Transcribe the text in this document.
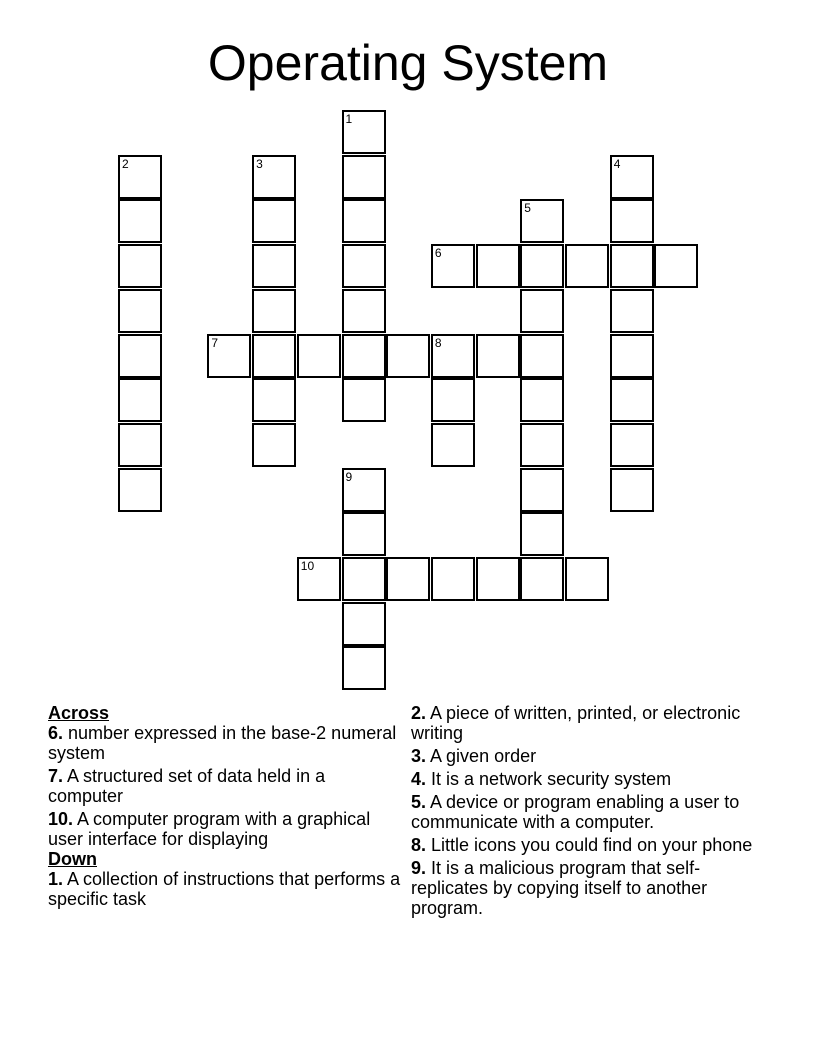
Operating System
1
2	3	4
5
6
7	8
9
10
Across
6. number expressed in the base-2 numeral system
7. A structured set of data held in a computer
10. A computer program with a graphical user interface for displaying
Down
1. A collection of instructions that performs a specific task
2. A piece of written, printed, or electronic writing
3. A given order
4. It is a network security system
5. A device or program enabling a user to communicate with a computer.
8. Little icons you could find on your phone
9. It is a malicious program that self-replicates by copying itself to another program.
